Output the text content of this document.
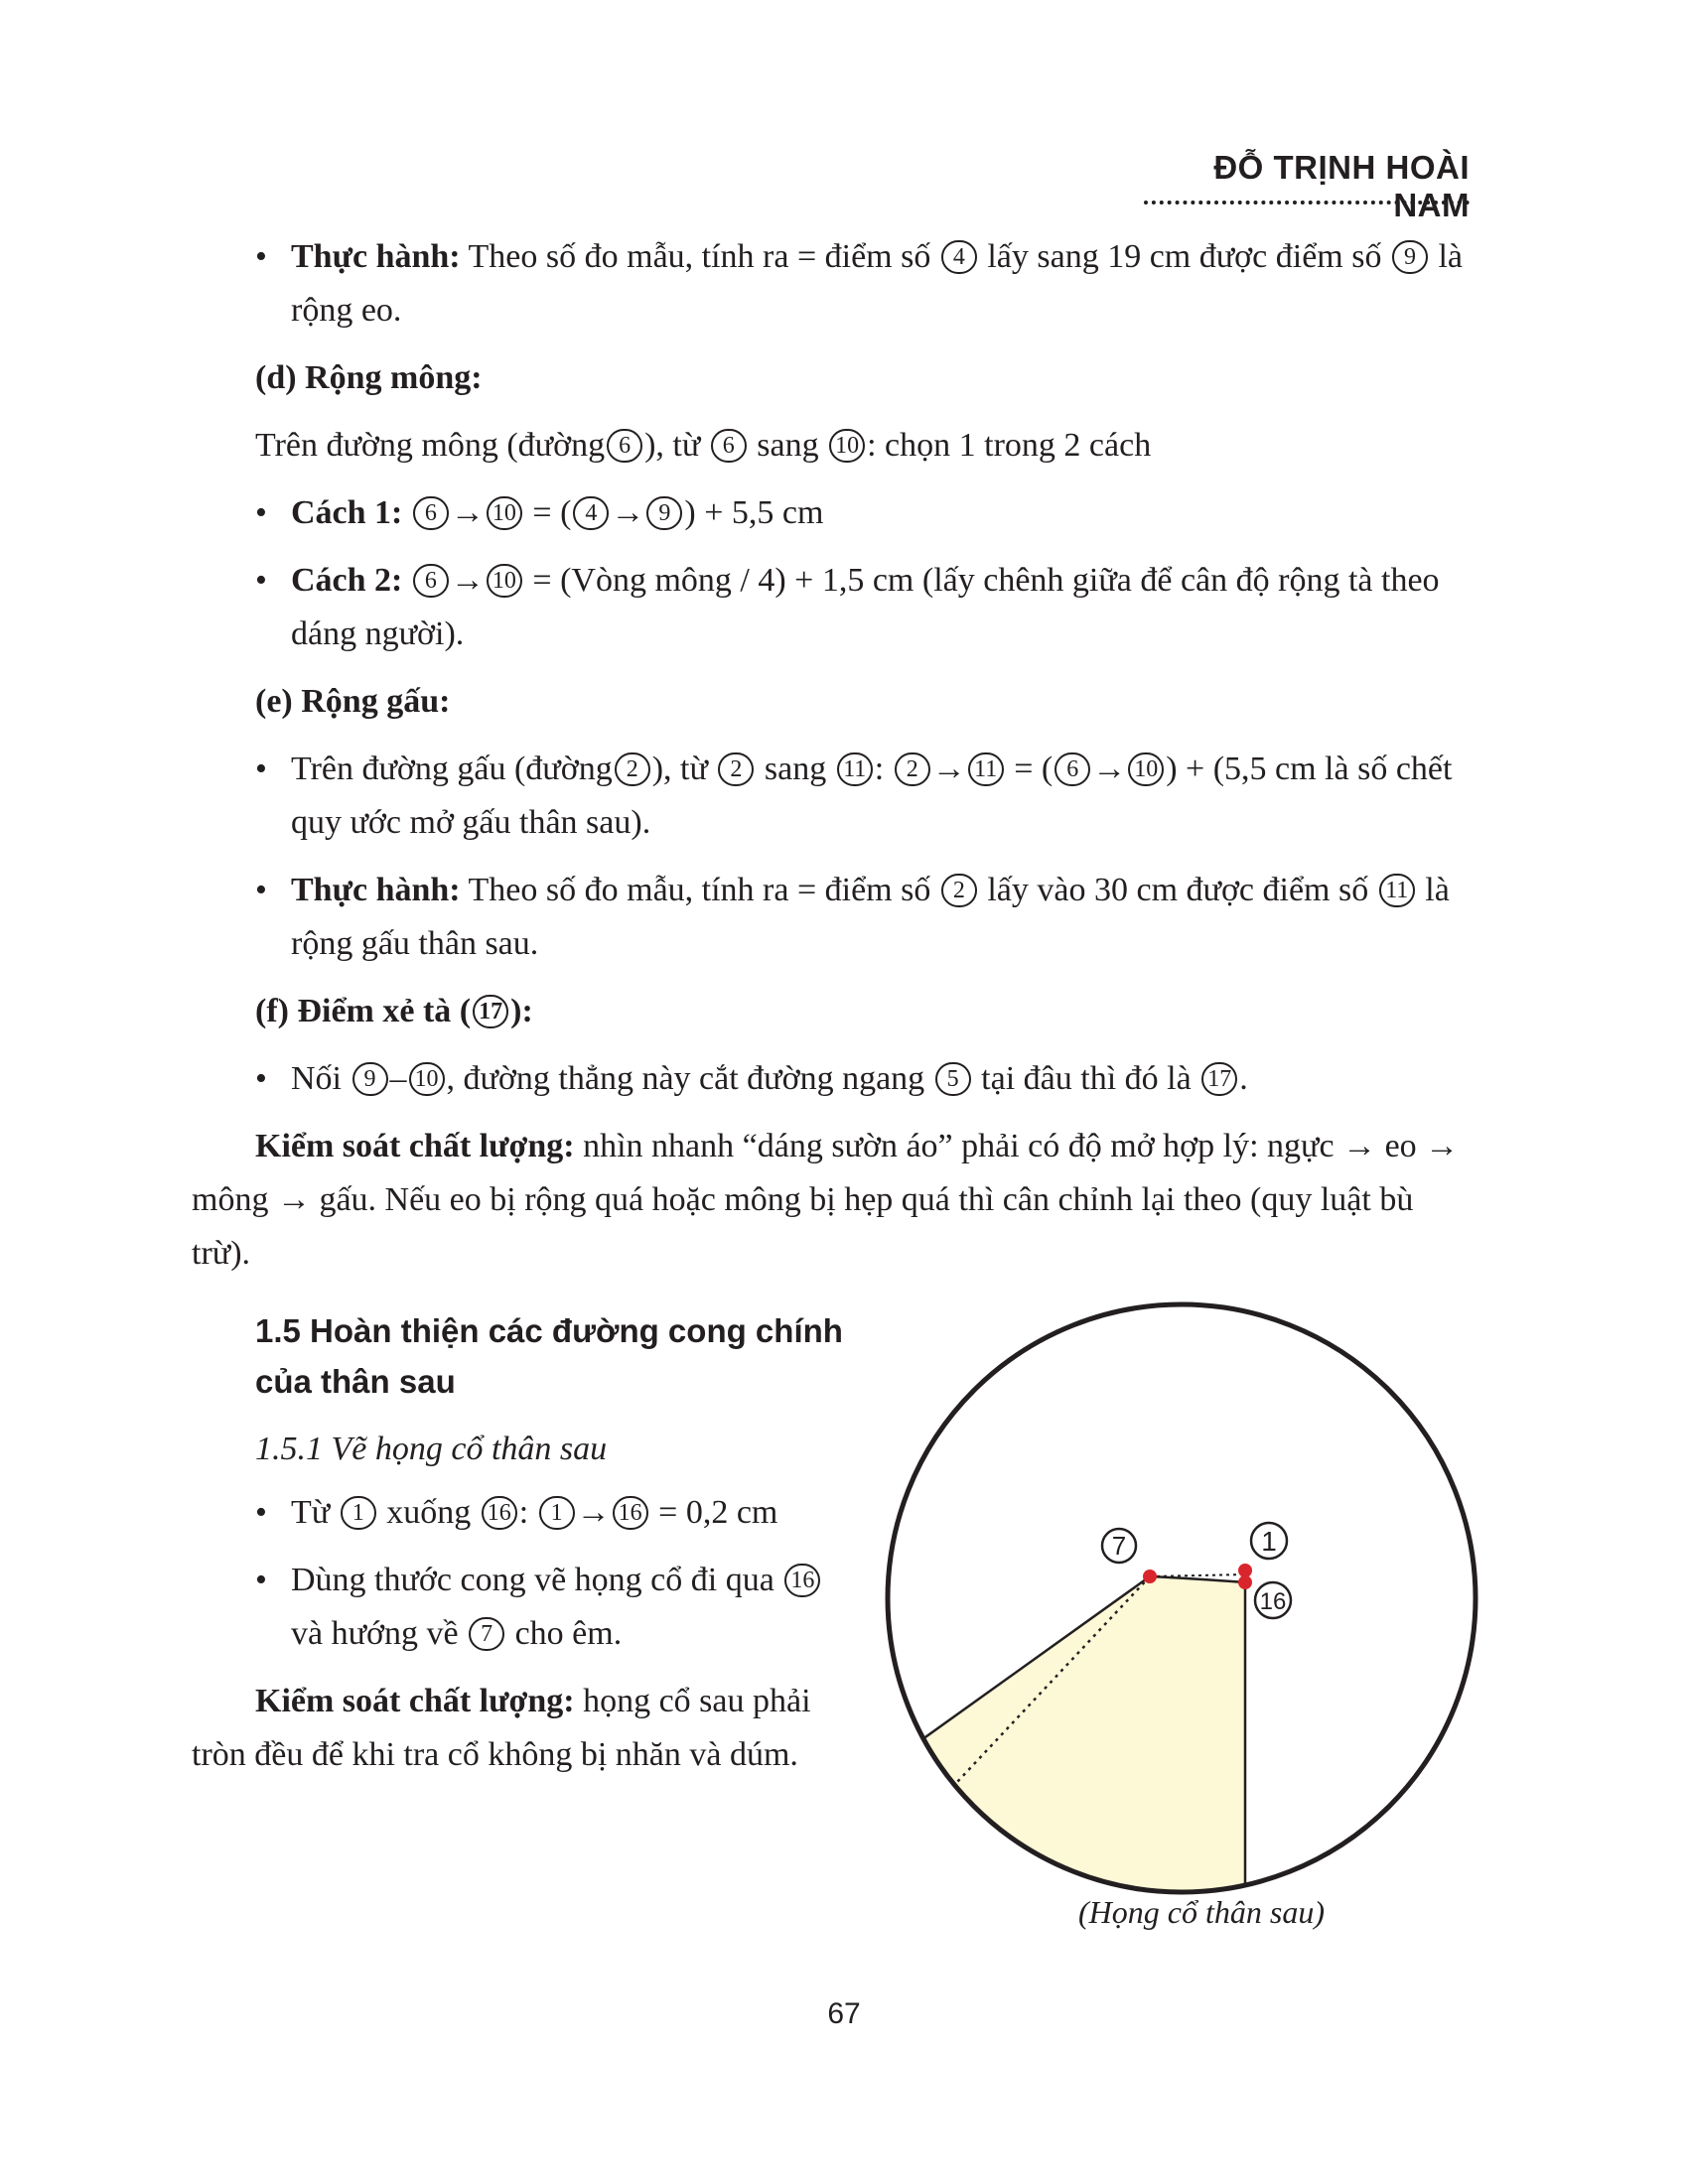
ĐỖ TRỊNH HOÀI NAM
• Thực hành: Theo số đo mẫu, tính ra = điểm số 4 lấy sang 19 cm được điểm số 9 là rộng eo.
(d) Rộng mông:
Trên đường mông (đường 6 ), từ 6 sang 10 : chọn 1 trong 2 cách
• Cách 1: 6 → 10 = ( 4 → 9 ) + 5,5 cm
• Cách 2: 6 → 10 = (Vòng mông / 4) + 1,5 cm (lấy chênh giữa để cân độ rộng tà theo dáng người).
(e) Rộng gấu:
• Trên đường gấu (đường 2 ), từ 2 sang 11 : 2 → 11 = ( 6 → 10 ) + (5,5 cm là số chết quy ước mở gấu thân sau).
• Thực hành: Theo số đo mẫu, tính ra = điểm số 2 lấy vào 30 cm được điểm số 11 là rộng gấu thân sau.
(f) Điểm xẻ tà ( 17 ):
• Nối 9 – 10 , đường thẳng này cắt đường ngang 5 tại đâu thì đó là 17 .
Kiểm soát chất lượng: nhìn nhanh “dáng sườn áo” phải có độ mở hợp lý: ngực → eo → mông → gấu. Nếu eo bị rộng quá hoặc mông bị hẹp quá thì cân chỉnh lại theo (quy luật bù trừ).
1.5 Hoàn thiện các đường cong chính của thân sau
1.5.1 Vẽ họng cổ thân sau
• Từ 1 xuống 16 : 1 → 16 = 0,2 cm
• Dùng thước cong vẽ họng cổ đi qua 16 và hướng về 7 cho êm.
Kiểm soát chất lượng: họng cổ sau phải tròn đều để khi tra cổ không bị nhăn và dúm.
7	1
16
(Họng cổ thân sau)
67
